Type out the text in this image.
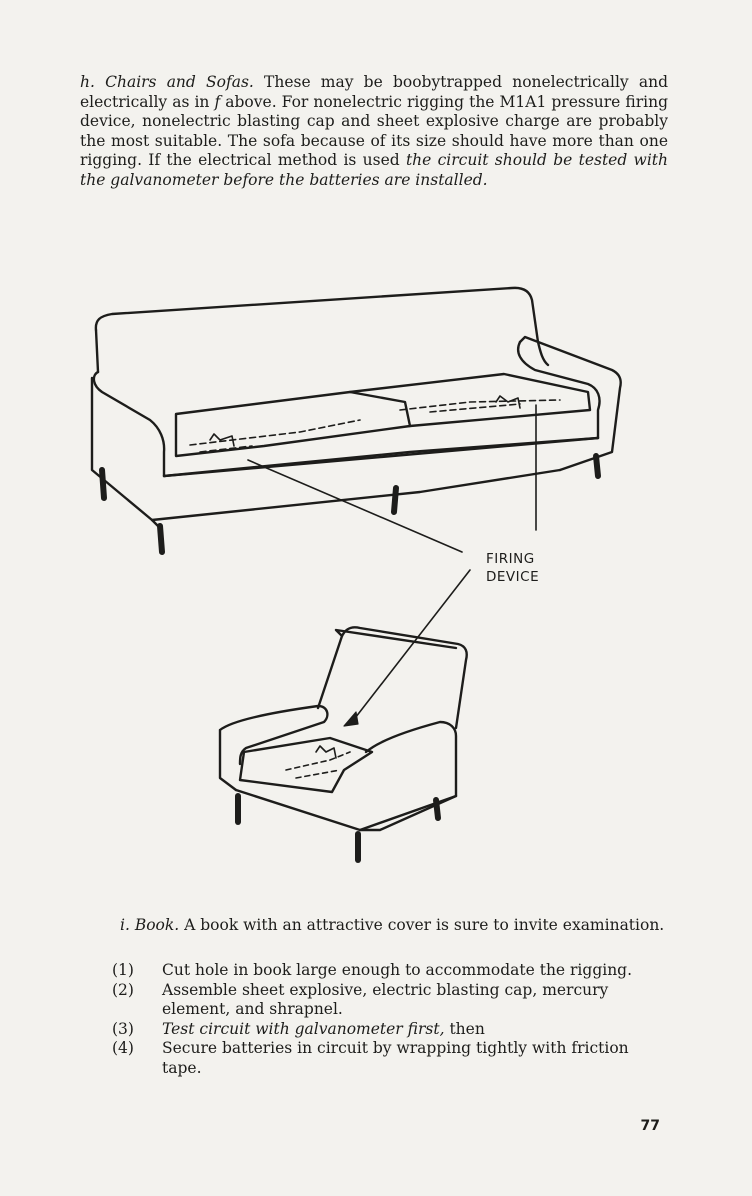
h. Chairs and Sofas. These may be boobytrapped nonelectrically and electrically as in f above. For nonelectric rigging the M1A1 pressure firing device, nonelectric blasting cap and sheet explosive charge are probably the most suitable. The sofa because of its size should have more than one rigging. If the electrical method is used the circuit should be tested with the galvanometer before the batteries are installed.

FIRING
DEVICE

i. Book. A book with an attractive cover is sure to invite examination.

(1)	Cut hole in book large enough to accommodate the rigging.
(2)	Assemble sheet explosive, electric blasting cap, mercury element, and shrapnel.
(3)	Test circuit with galvanometer first, then
(4)	Secure batteries in circuit by wrapping tightly with friction tape.
77
